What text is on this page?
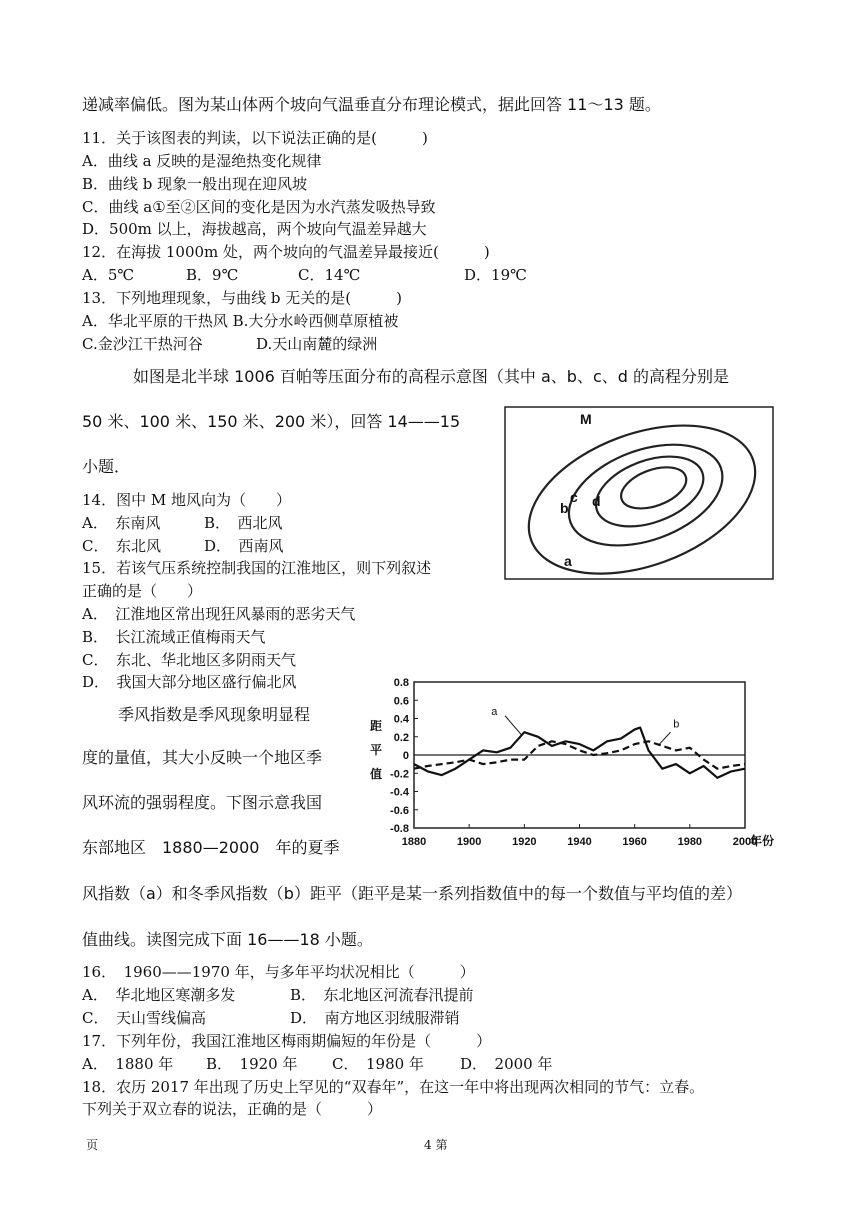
递减率偏低。图为某山体两个坡向气温垂直分布理论模式，据此回答 11～13 题。
11．关于该图表的判读，以下说法正确的是(　　　)
A．曲线 a 反映的是湿绝热变化规律
B．曲线 b 现象一般出现在迎风坡
C．曲线 a①至②区间的变化是因为水汽蒸发吸热导致
D．500m 以上，海拔越高，两个坡向气温差异越大
12．在海拔 1000m 处，两个坡向的气温差异最接近(　　　)
A．5℃	B．9℃	C．14℃	D．19℃
13．下列地理现象，与曲线 b 无关的是(　　　)
A．华北平原的干热风 B.大分水岭西侧草原植被
C.金沙江干热河谷	D.天山南麓的绿洲
如图是北半球 1006 百帕等压面分布的高程示意图（其中 a、b、c、d 的高程分别是
50 米、100 米、150 米、200 米），回答 14——15
小题．
14．图中 M 地风向为（　　）
A．　东南风	B．　西北风
C．　东北风	D．　西南风
15．若该气压系统控制我国的江淮地区，则下列叙述
正确的是（　　）
A．　江淮地区常出现狂风暴雨的恶劣天气
B．　长江流域正值梅雨天气
C．　东北、华北地区多阴雨天气
D．　我国大部分地区盛行偏北风
季风指数是季风现象明显程
度的量值，其大小反映一个地区季
风环流的强弱程度。下图示意我国
东部地区　1880—2000　年的夏季
风指数（a）和冬季风指数（b）距平（距平是某一系列指数值中的每一个数值与平均值的差）
值曲线。读图完成下面 16——18 小题。
16．　1960——1970 年，与多年平均状况相比（　　　）
A．　华北地区寒潮多发	B．　东北地区河流春汛提前
C．　天山雪线偏高	D．　南方地区羽绒服滞销
17．下列年份，我国江淮地区梅雨期偏短的年份是（　　　）
A．　1880 年 B．　1920 年 C．　1980 年 D．　2000 年
18．农历 2017 年出现了历史上罕见的“双春年”，在这一年中将出现两次相同的节气：立春。
下列关于双立春的说法，正确的是（　　　）
页	4 第
M
a
b
c d
0.8
0.6
0.4
0.2
0
-0.2
-0.4
-0.6
-0.8
1880	1900	1920	1940	1960	1980	2000
年份
距
平
值
a
b
